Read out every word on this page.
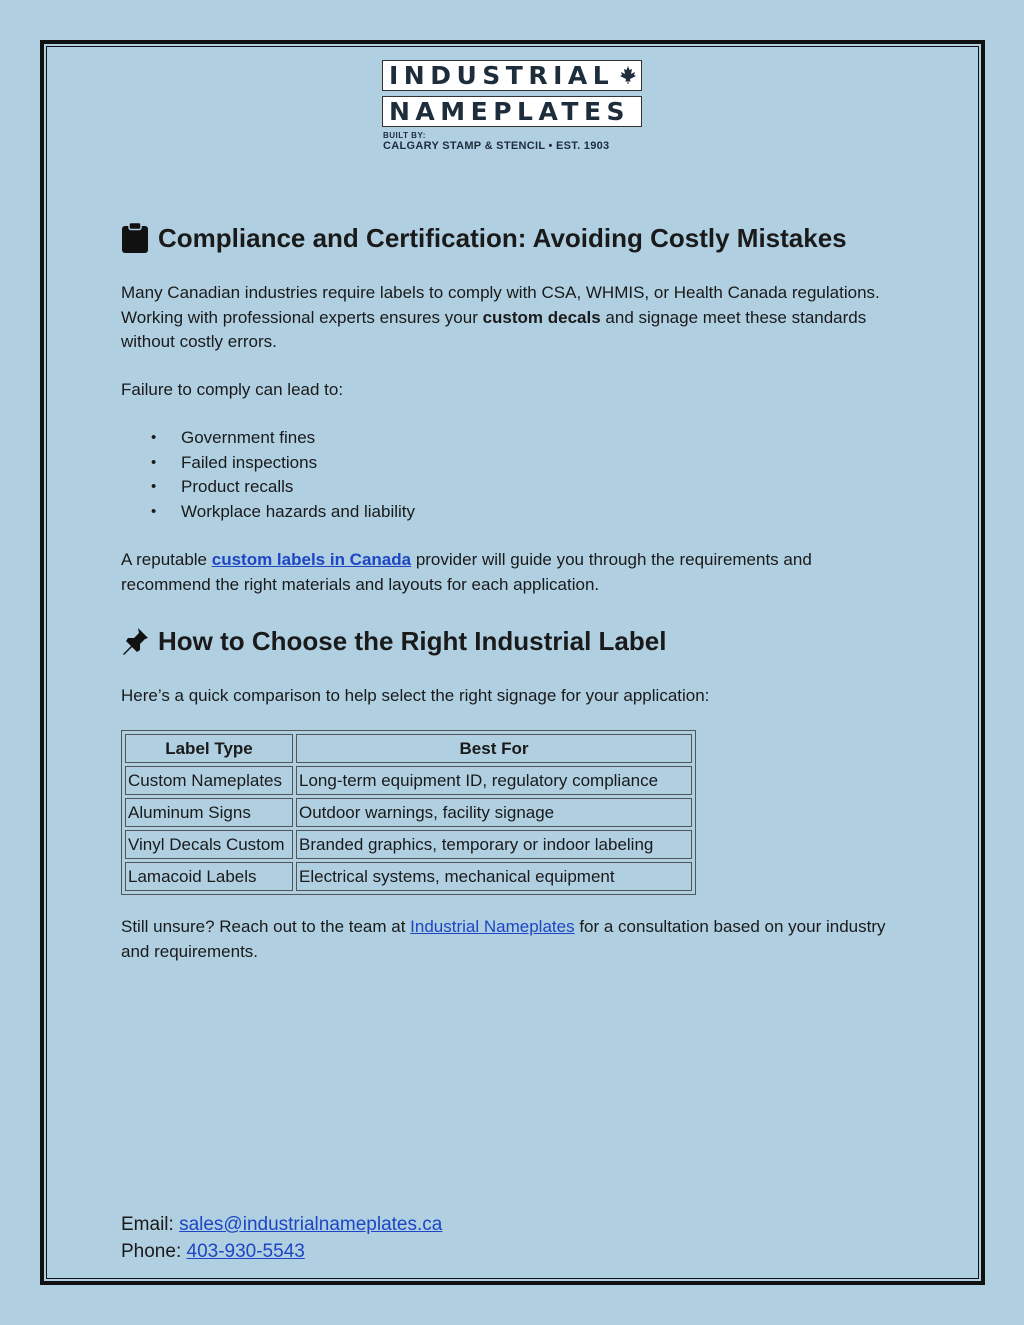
INDUSTRIAL
NAMEPLATES
BUILT BY:
CALGARY STAMP & STENCIL • EST. 1903
Compliance and Certification: Avoiding Costly Mistakes

Many Canadian industries require labels to comply with CSA, WHMIS, or Health Canada regulations. Working with professional experts ensures your custom decals and signage meet these standards without costly errors.

Failure to comply can lead to:

• Government fines
• Failed inspections
• Product recalls
• Workplace hazards and liability

A reputable custom labels in Canada provider will guide you through the requirements and recommend the right materials and layouts for each application.

How to Choose the Right Industrial Label

Here’s a quick comparison to help select the right signage for your application:

Label Type	Best For
Custom Nameplates	Long-term equipment ID, regulatory compliance
Aluminum Signs	Outdoor warnings, facility signage
Vinyl Decals Custom	Branded graphics, temporary or indoor labeling
Lamacoid Labels	Electrical systems, mechanical equipment

Still unsure? Reach out to the team at Industrial Nameplates for a consultation based on your industry and requirements.

Email: sales@industrialnameplates.ca
Phone: 403-930-5543
